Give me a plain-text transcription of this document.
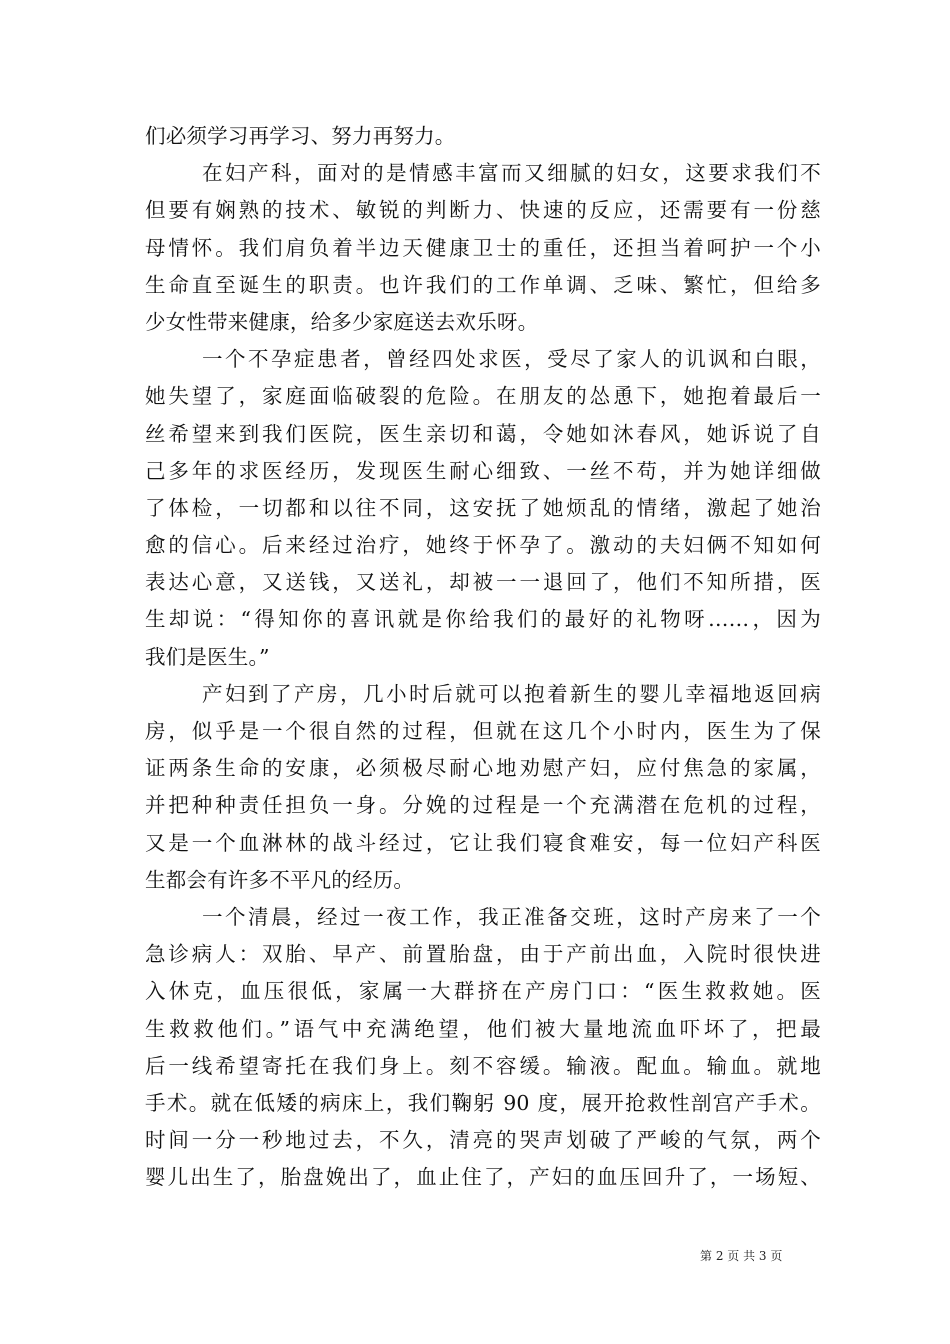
们必须学习再学习、努力再努力。
在妇产科，面对的是情感丰富而又细腻的妇女，这要求我们不
但要有娴熟的技术、敏锐的判断力、快速的反应，还需要有一份慈
母情怀。我们肩负着半边天健康卫士的重任，还担当着呵护一个小
生命直至诞生的职责。也许我们的工作单调、乏味、繁忙，但给多
少女性带来健康，给多少家庭送去欢乐呀。
一个不孕症患者，曾经四处求医，受尽了家人的讥讽和白眼，
她失望了，家庭面临破裂的危险。在朋友的怂恿下，她抱着最后一
丝希望来到我们医院，医生亲切和蔼，令她如沐春风，她诉说了自
己多年的求医经历，发现医生耐心细致、一丝不苟，并为她详细做
了体检，一切都和以往不同，这安抚了她烦乱的情绪，激起了她治
愈的信心。后来经过治疗，她终于怀孕了。激动的夫妇俩不知如何
表达心意，又送钱，又送礼，却被一一退回了，他们不知所措，医
生却说：“得知你的喜讯就是你给我们的最好的礼物呀……，因为
我们是医生。”
产妇到了产房，几小时后就可以抱着新生的婴儿幸福地返回病
房，似乎是一个很自然的过程，但就在这几个小时内，医生为了保
证两条生命的安康，必须极尽耐心地劝慰产妇，应付焦急的家属，
并把种种责任担负一身。分娩的过程是一个充满潜在危机的过程，
又是一个血淋林的战斗经过，它让我们寝食难安，每一位妇产科医
生都会有许多不平凡的经历。
一个清晨，经过一夜工作，我正准备交班，这时产房来了一个
急诊病人：双胎、早产、前置胎盘，由于产前出血，入院时很快进
入休克，血压很低，家属一大群挤在产房门口：“医生救救她。医
生救救他们。”语气中充满绝望，他们被大量地流血吓坏了，把最
后一线希望寄托在我们身上。刻不容缓。输液。配血。输血。就地
手术。就在低矮的病床上，我们鞠躬 90 度，展开抢救性剖宫产手术。
时间一分一秒地过去，不久，清亮的哭声划破了严峻的气氛，两个
婴儿出生了，胎盘娩出了，血止住了，产妇的血压回升了，一场短、
第 2 页 共 3 页
